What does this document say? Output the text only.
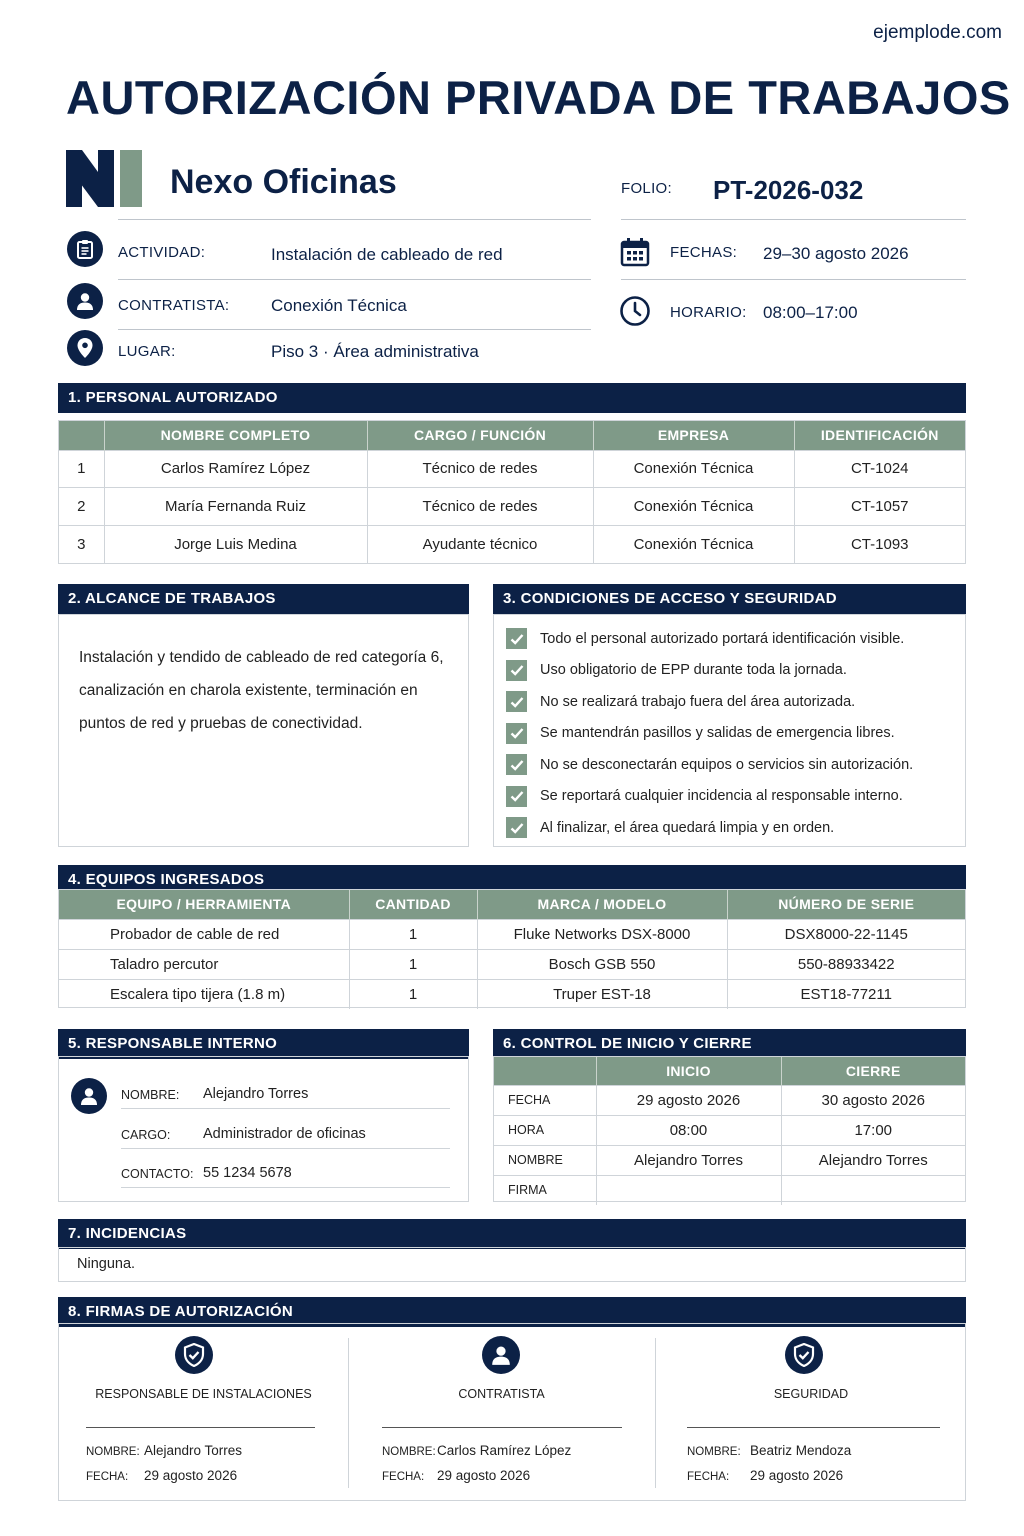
ejemplode.com
AUTORIZACIÓN PRIVADA DE TRABAJOS
Nexo Oficinas	FOLIO: PT-2026-032
ACTIVIDAD:	Instalación de cableado de red
CONTRATISTA: Conexión Técnica
LUGAR:	Piso 3 · Área administrativa
FECHAS: 29–30 agosto 2026
HORARIO: 08:00–17:00
1. PERSONAL AUTORIZADO
	NOMBRE COMPLETO	CARGO / FUNCIÓN	EMPRESA	IDENTIFICACIÓN
1	Carlos Ramírez López	Técnico de redes	Conexión Técnica	CT-1024
2	María Fernanda Ruiz	Técnico de redes	Conexión Técnica	CT-1057
3	Jorge Luis Medina	Ayudante técnico	Conexión Técnica	CT-1093
2. ALCANCE DE TRABAJOS
Instalación y tendido de cableado de red categoría 6, canalización en charola existente, terminación en puntos de red y pruebas de conectividad.
3. CONDICIONES DE ACCESO Y SEGURIDAD
Todo el personal autorizado portará identificación visible.
Uso obligatorio de EPP durante toda la jornada.
No se realizará trabajo fuera del área autorizada.
Se mantendrán pasillos y salidas de emergencia libres.
No se desconectarán equipos o servicios sin autorización.
Se reportará cualquier incidencia al responsable interno.
Al finalizar, el área quedará limpia y en orden.
4. EQUIPOS INGRESADOS
EQUIPO / HERRAMIENTA	CANTIDAD	MARCA / MODELO	NÚMERO DE SERIE
Probador de cable de red	1	Fluke Networks DSX-8000	DSX8000-22-1145
Taladro percutor	1	Bosch GSB 550	550-88933422
Escalera tipo tijera (1.8 m)	1	Truper EST-18	EST18-77211
5. RESPONSABLE INTERNO
NOMBRE: Alejandro Torres
CARGO: Administrador de oficinas
CONTACTO: 55 1234 5678
6. CONTROL DE INICIO Y CIERRE
	INICIO	CIERRE
FECHA	29 agosto 2026	30 agosto 2026
HORA	08:00	17:00
NOMBRE	Alejandro Torres	Alejandro Torres
FIRMA		
7. INCIDENCIAS
Ninguna.
8. FIRMAS DE AUTORIZACIÓN
RESPONSABLE DE INSTALACIONES
NOMBRE: Alejandro Torres
FECHA: 29 agosto 2026
CONTRATISTA
NOMBRE:Carlos Ramírez López
FECHA: 29 agosto 2026
SEGURIDAD
NOMBRE: Beatriz Mendoza
FECHA: 29 agosto 2026
